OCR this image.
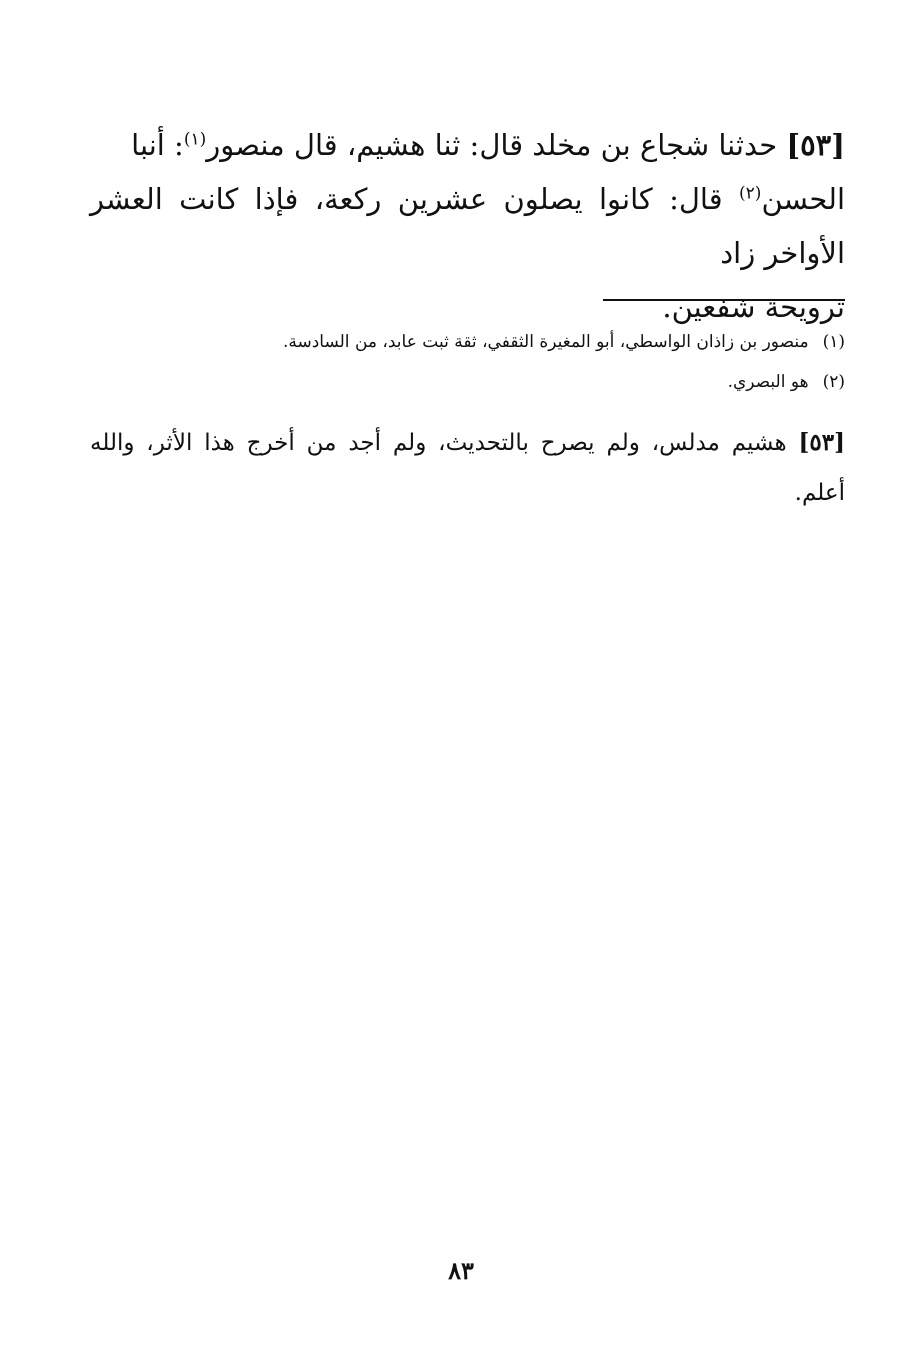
[٥٣] حدثنا شجاع بن مخلد قال: ثنا هشيم، قال منصور$^{(١)}$: أنبا
الحسن$^{(٢)}$ قال: كانوا يصلون عشرين ركعة، فإذا كانت العشر الأواخر زاد
ترويحة شفعين.

(١)منصور بن زاذان الواسطي، أبو المغيرة الثقفي، ثقة ثبت عابد، من السادسة.
(٢)هو البصري.

[٥٣] هشيم مدلس، ولم يصرح بالتحديث، ولم أجد من أخرج هذا الأثر، والله أعلم.

٨٣
